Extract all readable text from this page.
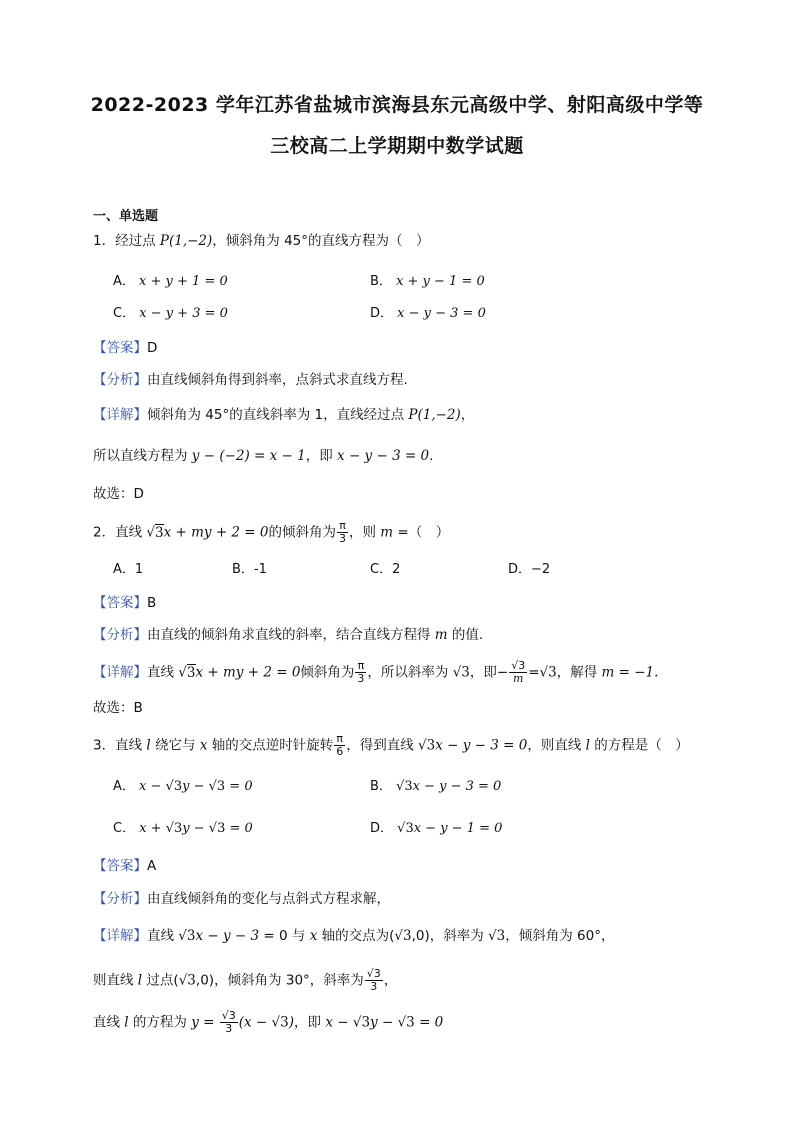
2022-2023 学年江苏省盐城市滨海县东元高级中学、射阳高级中学等
三校高二上学期期中数学试题
一、单选题
1．经过点 P(1,−2)，倾斜角为 45°的直线方程为（　）
A． x + y + 1 = 0	B． x + y − 1 = 0
C． x − y + 3 = 0	D． x − y − 3 = 0
【答案】D
【分析】由直线倾斜角得到斜率，点斜式求直线方程.
【详解】倾斜角为 45°的直线斜率为 1，直线经过点 P(1,−2)，
所以直线方程为 y − (−2) = x − 1，即 x − y − 3 = 0.
故选：D
2．直线 √3x + my + 2 = 0的倾斜角为 $\frac{\pi}{3}$ ，则 m =（　）
A．1	B．-1	C．2	D．−2
【答案】B
【分析】由直线的倾斜角求直线的斜率，结合直线方程得 m 的值.
【详解】直线 √3x + my + 2 = 0倾斜角为 $\frac{\pi}{3}$ ，所以斜率为 √3，即− $\frac{√3}{m} =√3$，解得 m = −1.
故选：B
3．直线 l 绕它与 x 轴的交点逆时针旋转 $\frac{\pi}{6}$ ，得到直线 √3x − y − 3 = 0，则直线 l 的方程是（　）
A． x − √3y − √3 = 0	B． √3x − y − 3 = 0
C． x + √3y − √3 = 0	D． √3x − y − 1 = 0
【答案】A
【分析】由直线倾斜角的变化与点斜式方程求解，
【详解】直线 √3x − y − 3 = 0 与 x 轴的交点为(√3,0)，斜率为 √3，倾斜角为 60°，
则直线 l 过点(√3,0)，倾斜角为 30°，斜率为 $\frac{√3}{3}$ ，
直线 l 的方程为 $y = \frac{√3}{3} (x - √3)$，即 x − √3y − √3 = 0
